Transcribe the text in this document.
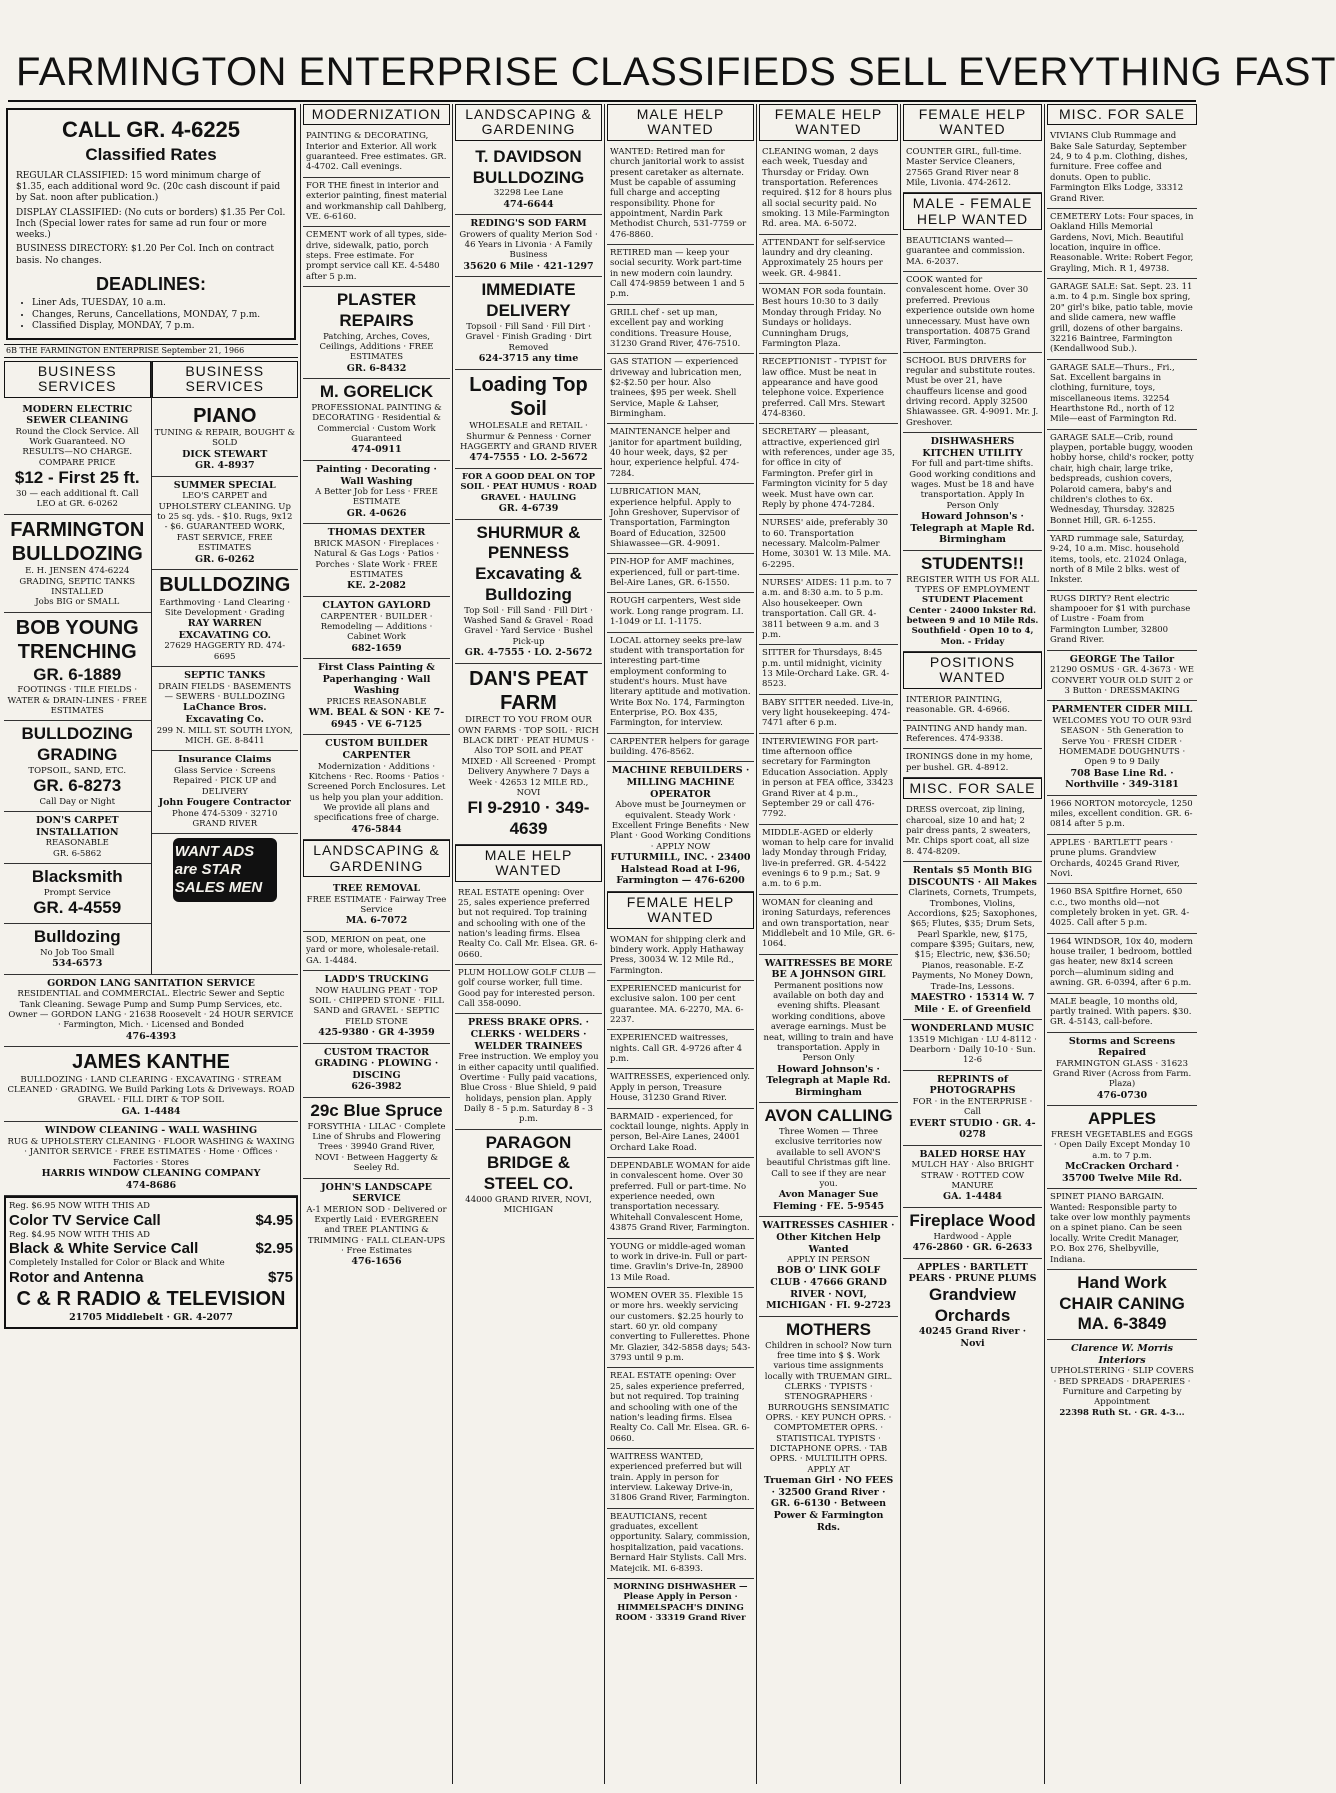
FARMINGTON ENTERPRISE CLASSIFIEDS SELL EVERYTHING FAST
CALL GR. 4-6225
Classified Rates

REGULAR CLASSIFIED: 15 word minimum charge of $1.35, each additional word 9c. (20c cash discount if paid by Sat. noon after publication.)

DISPLAY CLASSIFIED: (No cuts or borders) $1.35 Per Col. Inch (Special lower rates for same ad run four or more weeks.)

BUSINESS DIRECTORY: $1.20 Per Col. Inch on contract basis. No changes.

DEADLINES:
• Liner Ads, TUESDAY, 10 a.m.
• Changes, Reruns, Cancellations, MONDAY, 7 p.m.
• Classified Display, MONDAY, 7 p.m.
6B THE FARMINGTON ENTERPRISE September 21, 1966
BUSINESS SERVICES
MODERN ELECTRIC SEWER CLEANING
Round the Clock Service. All Work Guaranteed. NO RESULTS—NO CHARGE. COMPARE PRICE
$12 - First 25 ft.
30 — each additional ft. Call LEO at GR. 6-0262
FARMINGTON BULLDOZING
E. H. JENSEN 474-6224 GRADING, SEPTIC TANKS INSTALLED
Jobs BIG or SMALL
BOB YOUNG TRENCHING
GR. 6-1889
FOOTINGS · TILE FIELDS · WATER & DRAIN-LINES · FREE ESTIMATES
BULLDOZING GRADING
TOPSOIL, SAND, ETC.
GR. 6-8273
Call Day or Night
DON'S CARPET INSTALLATION
REASONABLE
GR. 6-5862
Blacksmith
Prompt Service
GR. 4-4559
Bulldozing
No Job Too Small
534-6573
BUSINESS SERVICES
PIANO
TUNING & REPAIR, BOUGHT & SOLD
DICK STEWART
GR. 4-8937
SUMMER SPECIAL
LEO'S CARPET and UPHOLSTERY CLEANING. Up to 25 sq. yds. - $10. Rugs, 9x12 - $6. GUARANTEED WORK, FAST SERVICE, FREE ESTIMATES
GR. 6-0262
BULLDOZING
Earthmoving · Land Clearing · Site Development · Grading
RAY WARREN EXCAVATING CO.
27629 HAGGERTY RD. 474-6695
SEPTIC TANKS
DRAIN FIELDS · BASEMENTS — SEWERS · BULLDOZING
LaChance Bros. Excavating Co.
299 N. MILL ST. SOUTH LYON, MICH. GE. 8-8411
Insurance Claims
Glass Service · Screens Repaired · PICK UP and DELIVERY
John Fougere Contractor
Phone 474-5309 · 32710 GRAND RIVER
WANT ADS are STAR SALES MEN
GORDON LANG SANITATION SERVICE
RESIDENTIAL and COMMERCIAL. Electric Sewer and Septic Tank Cleaning. Sewage Pump and Sump Pump Services, etc. Owner — GORDON LANG · 21638 Roosevelt · 24 HOUR SERVICE · Farmington, Mich. · Licensed and Bonded
476-4393
JAMES KANTHE
BULLDOZING · LAND CLEARING · EXCAVATING · STREAM CLEANED · GRADING. We Build Parking Lots & Driveways. ROAD GRAVEL · FILL DIRT & TOP SOIL
GA. 1-4484
WINDOW CLEANING - WALL WASHING
RUG & UPHOLSTERY CLEANING · FLOOR WASHING & WAXING · JANITOR SERVICE · FREE ESTIMATES · Home · Offices · Factories · Stores
HARRIS WINDOW CLEANING COMPANY
474-8686
Reg. $6.95 NOW WITH THIS AD
Color TV Service Call	$4.95
Reg. $4.95 NOW WITH THIS AD
Black & White Service Call	$2.95
Completely Installed for Color or Black and White
Rotor and Antenna	$75
C & R RADIO & TELEVISION
21705 Middlebelt · GR. 4-2077
MODERNIZATION
PAINTING & DECORATING, Interior and Exterior. All work guaranteed. Free estimates. GR. 4-4702. Call evenings.
FOR THE finest in interior and exterior painting, finest material and workmanship call Dahlberg, VE. 6-6160.
CEMENT work of all types, side-drive, sidewalk, patio, porch steps. Free estimate. For prompt service call KE. 4-5480 after 5 p.m.
PLASTER REPAIRS
Patching, Arches, Coves, Ceilings, Additions · FREE ESTIMATES
GR. 6-8432
M. GORELICK
PROFESSIONAL PAINTING & DECORATING · Residential & Commercial · Custom Work Guaranteed
474-0911
Painting · Decorating · Wall Washing
A Better Job for Less · FREE ESTIMATE
GR. 4-0626
THOMAS DEXTER
BRICK MASON · Fireplaces · Natural & Gas Logs · Patios · Porches · Slate Work · FREE ESTIMATES
KE. 2-2082
CLAYTON GAYLORD
CARPENTER · BUILDER · Remodeling — Additions · Cabinet Work
682-1659
First Class Painting & Paperhanging · Wall Washing
PRICES REASONABLE
WM. BEAL & SON · KE 7-6945 · VE 6-7125
CUSTOM BUILDER CARPENTER
Modernization · Additions · Kitchens · Rec. Rooms · Patios · Screened Porch Enclosures. Let us help you plan your addition. We provide all plans and specifications free of charge.
476-5844
LANDSCAPING & GARDENING
TREE REMOVAL
FREE ESTIMATE · Fairway Tree Service
MA. 6-7072
SOD, MERION on peat, one yard or more, wholesale-retail. GA. 1-4484.
LADD'S TRUCKING
NOW HAULING PEAT · TOP SOIL · CHIPPED STONE · FILL SAND and GRAVEL · SEPTIC FIELD STONE
425-9380 · GR 4-3959
CUSTOM TRACTOR GRADING · PLOWING · DISCING
626-3982
29c Blue Spruce
FORSYTHIA · LILAC · Complete Line of Shrubs and Flowering Trees · 39940 Grand River, NOVI · Between Haggerty & Seeley Rd.
JOHN'S LANDSCAPE SERVICE
A-1 MERION SOD · Delivered or Expertly Laid · EVERGREEN and TREE PLANTING & TRIMMING · FALL CLEAN-UPS · Free Estimates
476-1656
LANDSCAPING & GARDENING
T. DAVIDSON BULLDOZING
32298 Lee Lane
474-6644
REDING'S SOD FARM
Growers of quality Merion Sod · 46 Years in Livonia · A Family Business
35620 6 Mile · 421-1297
IMMEDIATE DELIVERY
Topsoil · Fill Sand · Fill Dirt · Gravel · Finish Grading · Dirt Removed
624-3715 any time
Loading Top Soil
WHOLESALE and RETAIL · Shurmur & Penness · Corner HAGGERTY and GRAND RIVER
474-7555 · LO. 2-5672
FOR A GOOD DEAL ON TOP SOIL · PEAT HUMUS · ROAD GRAVEL · HAULING
GR. 4-6739
SHURMUR & PENNESS Excavating & Bulldozing
Top Soil · Fill Sand · Fill Dirt · Washed Sand & Gravel · Road Gravel · Yard Service · Bushel Pick-up
GR. 4-7555 · LO. 2-5672
DAN'S PEAT FARM
DIRECT TO YOU FROM OUR OWN FARMS · TOP SOIL · RICH BLACK DIRT · PEAT HUMUS · Also TOP SOIL and PEAT MIXED · All Screened · Prompt Delivery Anywhere 7 Days a Week · 42653 12 MILE RD., NOVI
FI 9-2910 · 349-4639
MALE HELP WANTED
REAL ESTATE opening: Over 25, sales experience preferred but not required. Top training and schooling with one of the nation's leading firms. Elsea Realty Co. Call Mr. Elsea. GR. 6-0660.
PLUM HOLLOW GOLF CLUB — golf course worker, full time. Good pay for interested person. Call 358-0090.
PRESS BRAKE OPRS. · CLERKS · WELDERS · WELDER TRAINEES
Free instruction. We employ you in either capacity until qualified. Overtime · Fully paid vacations, Blue Cross · Blue Shield, 9 paid holidays, pension plan. Apply Daily 8 - 5 p.m. Saturday 8 - 3 p.m.
PARAGON BRIDGE & STEEL CO.
44000 GRAND RIVER, NOVI, MICHIGAN
MALE HELP WANTED
WANTED: Retired man for church janitorial work to assist present caretaker as alternate. Must be capable of assuming full charge and accepting responsibility. Phone for appointment, Nardin Park Methodist Church, 531-7759 or 476-8860.
RETIRED man — keep your social security. Work part-time in new modern coin laundry. Call 474-9859 between 1 and 5 p.m.
GRILL chef - set up man, excellent pay and working conditions. Treasure House, 31230 Grand River, 476-7510.
GAS STATION — experienced driveway and lubrication men, $2-$2.50 per hour. Also trainees, $95 per week. Shell Service, Maple & Lahser, Birmingham.
MAINTENANCE helper and janitor for apartment building, 40 hour week, days, $2 per hour, experience helpful. 474-7284.
LUBRICATION MAN, experience helpful. Apply to John Greshover, Supervisor of Transportation, Farmington Board of Education, 32500 Shiawassee—GR. 4-9091.
PIN-HOP for AMF machines, experienced, full or part-time. Bel-Aire Lanes, GR. 6-1550.
ROUGH carpenters, West side work. Long range program. LI. 1-1049 or LI. 1-1175.
LOCAL attorney seeks pre-law student with transportation for interesting part-time employment conforming to student's hours. Must have literary aptitude and motivation. Write Box No. 174, Farmington Enterprise, P.O. Box 435, Farmington, for interview.
CARPENTER helpers for garage building. 476-8562.
MACHINE REBUILDERS · MILLING MACHINE OPERATOR
Above must be Journeymen or equivalent. Steady Work · Excellent Fringe Benefits · New Plant · Good Working Conditions · APPLY NOW
FUTURMILL, INC. · 23400 Halstead Road at I-96, Farmington — 476-6200
FEMALE HELP WANTED
WOMAN for shipping clerk and bindery work. Apply Hathaway Press, 30034 W. 12 Mile Rd., Farmington.
EXPERIENCED manicurist for exclusive salon. 100 per cent guarantee. MA. 6-2270, MA. 6-2237.
EXPERIENCED waitresses, nights. Call GR. 4-9726 after 4 p.m.
WAITRESSES, experienced only. Apply in person, Treasure House, 31230 Grand River.
BARMAID - experienced, for cocktail lounge, nights. Apply in person, Bel-Aire Lanes, 24001 Orchard Lake Road.
DEPENDABLE WOMAN for aide in convalescent home. Over 30 preferred. Full or part-time. No experience needed, own transportation necessary. Whitehall Convalescent Home, 43875 Grand River, Farmington.
YOUNG or middle-aged woman to work in drive-in. Full or part-time. Gravlin's Drive-In, 28900 13 Mile Road.
WOMEN OVER 35. Flexible 15 or more hrs. weekly servicing our customers. $2.25 hourly to start. 60 yr. old company converting to Fullerettes. Phone Mr. Glazier, 342-5858 days; 543-3793 until 9 p.m.
REAL ESTATE opening: Over 25, sales experience preferred, but not required. Top training and schooling with one of the nation's leading firms. Elsea Realty Co. Call Mr. Elsea. GR. 6-0660.
WAITRESS WANTED, experienced preferred but will train. Apply in person for interview. Lakeway Drive-in, 31806 Grand River, Farmington.
BEAUTICIANS, recent graduates, excellent opportunity. Salary, commission, hospitalization, paid vacations. Bernard Hair Stylists. Call Mrs. Matejcik. MI. 6-8393.
MORNING DISHWASHER — Please Apply in Person · HIMMELSPACH'S DINING ROOM · 33319 Grand River
FEMALE HELP WANTED
CLEANING woman, 2 days each week, Tuesday and Thursday or Friday. Own transportation. References required. $12 for 8 hours plus all social security paid. No smoking. 13 Mile-Farmington Rd. area. MA. 6-5072.
ATTENDANT for self-service laundry and dry cleaning. Approximately 25 hours per week. GR. 4-9841.
WOMAN FOR soda fountain. Best hours 10:30 to 3 daily Monday through Friday. No Sundays or holidays. Cunningham Drugs, Farmington Plaza.
RECEPTIONIST - TYPIST for law office. Must be neat in appearance and have good telephone voice. Experience preferred. Call Mrs. Stewart 474-8360.
SECRETARY — pleasant, attractive, experienced girl with references, under age 35, for office in city of Farmington. Prefer girl in Farmington vicinity for 5 day week. Must have own car. Reply by phone 474-7284.
NURSES' aide, preferably 30 to 60. Transportation necessary. Malcolm-Palmer Home, 30301 W. 13 Mile. MA. 6-2295.
NURSES' AIDES: 11 p.m. to 7 a.m. and 8:30 a.m. to 5 p.m. Also housekeeper. Own transportation. Call GR. 4-3811 between 9 a.m. and 3 p.m.
SITTER for Thursdays, 8:45 p.m. until midnight, vicinity 13 Mile-Orchard Lake. GR. 4-8523.
BABY SITTER needed. Live-in, very light housekeeping. 474-7471 after 6 p.m.
INTERVIEWING FOR part-time afternoon office secretary for Farmington Education Association. Apply in person at FEA office, 33423 Grand River at 4 p.m., September 29 or call 476-7792.
MIDDLE-AGED or elderly woman to help care for invalid lady Monday through Friday, live-in preferred. GR. 4-5422 evenings 6 to 9 p.m.; Sat. 9 a.m. to 6 p.m.
WOMAN for cleaning and ironing Saturdays, references and own transportation, near Middlebelt and 10 Mile, GR. 6-1064.
WAITRESSES BE MORE BE A JOHNSON GIRL
Permanent positions now available on both day and evening shifts. Pleasant working conditions, above average earnings. Must be neat, willing to train and have transportation. Apply in Person Only
Howard Johnson's · Telegraph at Maple Rd. Birmingham
AVON CALLING
Three Women — Three exclusive territories now available to sell AVON'S beautiful Christmas gift line. Call to see if they are near you.
Avon Manager Sue Fleming · FE. 5-9545
WAITRESSES CASHIER · Other Kitchen Help Wanted
APPLY IN PERSON
BOB O' LINK GOLF CLUB · 47666 GRAND RIVER · NOVI, MICHIGAN · FI. 9-2723
MOTHERS
Children in school? Now turn free time into $ $. Work various time assignments locally with TRUEMAN GIRL. CLERKS · TYPISTS · STENOGRAPHERS · BURROUGHS SENSIMATIC OPRS. · KEY PUNCH OPRS. · COMPTOMETER OPRS. · STATISTICAL TYPISTS · DICTAPHONE OPRS. · TAB OPRS. · MULTILITH OPRS. APPLY AT
Trueman Girl · NO FEES · 32500 Grand River · GR. 6-6130 · Between Power & Farmington Rds.
FEMALE HELP WANTED
COUNTER GIRL, full-time. Master Service Cleaners, 27565 Grand River near 8 Mile, Livonia. 474-2612.
MALE - FEMALE HELP WANTED
BEAUTICIANS wanted—guarantee and commission. MA. 6-2037.
COOK wanted for convalescent home. Over 30 preferred. Previous experience outside own home unnecessary. Must have own transportation. 40875 Grand River, Farmington.
SCHOOL BUS DRIVERS for regular and substitute routes. Must be over 21, have chauffeurs license and good driving record. Apply 32500 Shiawassee. GR. 4-9091. Mr. J. Greshover.
DISHWASHERS KITCHEN UTILITY
For full and part-time shifts. Good working conditions and wages. Must be 18 and have transportation. Apply In Person Only
Howard Johnson's · Telegraph at Maple Rd. Birmingham
STUDENTS!!
REGISTER WITH US FOR ALL TYPES OF EMPLOYMENT
STUDENT Placement Center · 24000 Inkster Rd. between 9 and 10 Mile Rds. Southfield · Open 10 to 4, Mon. - Friday
POSITIONS WANTED
INTERIOR PAINTING, reasonable. GR. 4-6966.
PAINTING AND handy man. References. 474-9338.
IRONINGS done in my home, per bushel. GR. 4-8912.
MISC. FOR SALE
DRESS overcoat, zip lining, charcoal, size 10 and hat; 2 pair dress pants, 2 sweaters, Mr. Chips sport coat, all size 8. 474-8209.
Rentals $5 Month BIG DISCOUNTS · All Makes
Clarinets, Cornets, Trumpets, Trombones, Violins, Accordions, $25; Saxophones, $65; Flutes, $35; Drum Sets, Pearl Sparkle, new, $175, compare $395; Guitars, new, $15; Electric, new, $36.50; Pianos, reasonable. E-Z Payments, No Money Down, Trade-Ins, Lessons.
MAESTRO · 15314 W. 7 Mile · E. of Greenfield
WONDERLAND MUSIC
13519 Michigan · LU 4-8112 · Dearborn · Daily 10-10 · Sun. 12-6
REPRINTS of PHOTOGRAPHS
FOR · in the ENTERPRISE · Call
EVERT STUDIO · GR. 4-0278
BALED HORSE HAY
MULCH HAY · Also BRIGHT STRAW · ROTTED COW MANURE
GA. 1-4484
Fireplace Wood
Hardwood - Apple
476-2860 · GR. 6-2633
APPLES · BARTLETT PEARS · PRUNE PLUMS
Grandview Orchards
40245 Grand River · Novi
MISC. FOR SALE
VIVIANS Club Rummage and Bake Sale Saturday, September 24, 9 to 4 p.m. Clothing, dishes, furniture. Free coffee and donuts. Open to public. Farmington Elks Lodge, 33312 Grand River.
CEMETERY Lots: Four spaces, in Oakland Hills Memorial Gardens, Novi, Mich. Beautiful location, inquire in office. Reasonable. Write: Robert Fegor, Grayling, Mich. R 1, 49738.
GARAGE SALE: Sat. Sept. 23. 11 a.m. to 4 p.m. Single box spring, 20" girl's bike, patio table, movie and slide camera, new waffle grill, dozens of other bargains. 32216 Baintree, Farmington (Kendallwood Sub.).
GARAGE SALE—Thurs., Fri., Sat. Excellent bargains in clothing, furniture, toys, miscellaneous items. 32254 Hearthstone Rd., north of 12 Mile—east of Farmington Rd.
GARAGE SALE—Crib, round playpen, portable buggy, wooden hobby horse, child's rocker, potty chair, high chair, large trike, bedspreads, cushion covers, Polaroid camera, baby's and children's clothes to 6x. Wednesday, Thursday. 32825 Bonnet Hill, GR. 6-1255.
YARD rummage sale, Saturday, 9-24, 10 a.m. Misc. household items, tools, etc. 21024 Onlaga, north of 8 Mile 2 blks. west of Inkster.
RUGS DIRTY? Rent electric shampooer for $1 with purchase of Lustre - Foam from Farmington Lumber, 32800 Grand River.
GEORGE The Tailor
21290 OSMUS · GR. 4-3673 · WE CONVERT YOUR OLD SUIT 2 or 3 Button · DRESSMAKING
PARMENTER CIDER MILL
WELCOMES YOU TO OUR 93rd SEASON · 5th Generation to Serve You · FRESH CIDER · HOMEMADE DOUGHNUTS · Open 9 to 9 Daily
708 Base Line Rd. · Northville · 349-3181
1966 NORTON motorcycle, 1250 miles, excellent condition. GR. 6-0814 after 5 p.m.
APPLES · BARTLETT pears · prune plums. Grandview Orchards, 40245 Grand River, Novi.
1960 BSA Spitfire Hornet, 650 c.c., two months old—not completely broken in yet. GR. 4-4025. Call after 5 p.m.
1964 WINDSOR, 10x 40, modern house trailer, 1 bedroom, bottled gas heater, new 8x14 screen porch—aluminum siding and awning. GR. 6-0394, after 6 p.m.
MALE beagle, 10 months old, partly trained. With papers. $30. GR. 4-5143, call-before.
Storms and Screens Repaired
FARMINGTON GLASS · 31623 Grand River (Across from Farm. Plaza)
476-0730
APPLES
FRESH VEGETABLES and EGGS · Open Daily Except Monday 10 a.m. to 7 p.m.
McCracken Orchard · 35700 Twelve Mile Rd.
SPINET PIANO BARGAIN. Wanted: Responsible party to take over low monthly payments on a spinet piano. Can be seen locally. Write Credit Manager, P.O. Box 276, Shelbyville, Indiana.
Hand Work CHAIR CANING
MA. 6-3849
Clarence W. Morris Interiors
UPHOLSTERING · SLIP COVERS · BED SPREADS · DRAPERIES · Furniture and Carpeting by Appointment
22398 Ruth St. · GR. 4-3...
